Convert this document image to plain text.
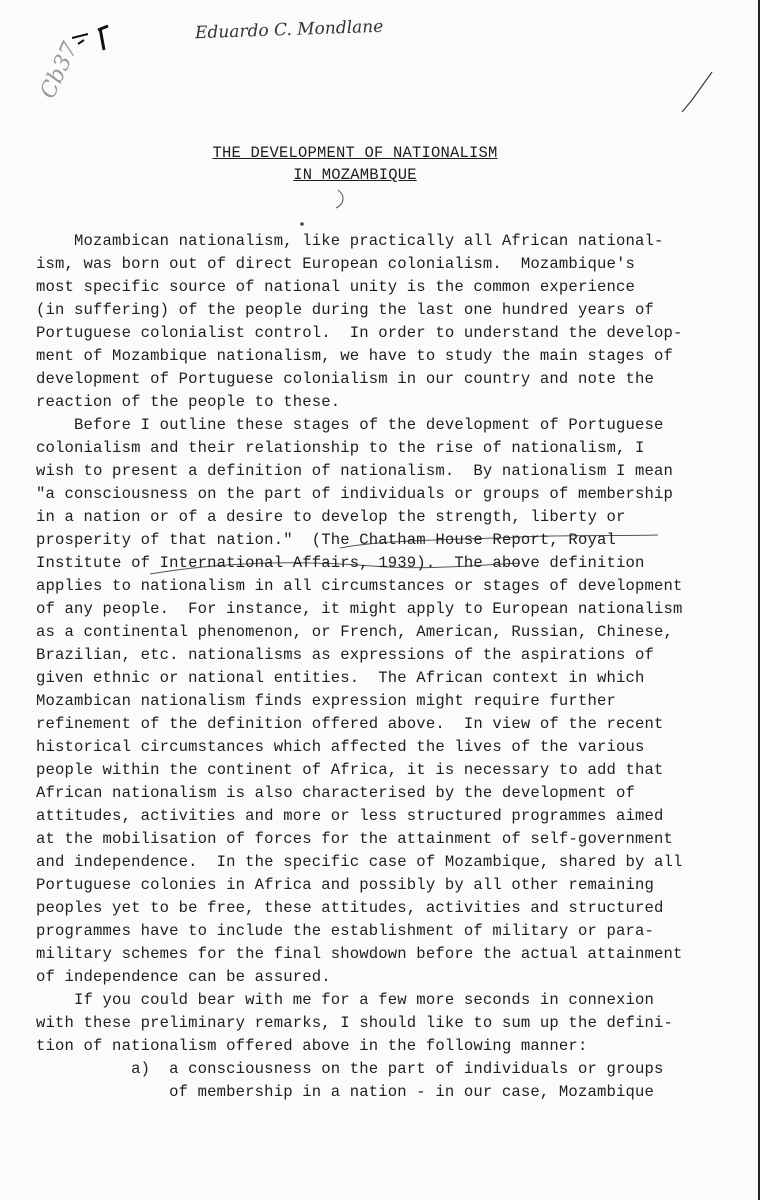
Eduardo C. Mondlane
Cb37
THE DEVELOPMENT OF NATIONALISM
IN MOZAMBIQUE
Mozambican nationalism, like practically all African national-
ism, was born out of direct European colonialism.  Mozambique's
most specific source of national unity is the common experience
(in suffering) of the people during the last one hundred years of
Portuguese colonialist control.  In order to understand the develop-
ment of Mozambique nationalism, we have to study the main stages of
development of Portuguese colonialism in our country and note the
reaction of the people to these.
Before I outline these stages of the development of Portuguese
colonialism and their relationship to the rise of nationalism, I
wish to present a definition of nationalism.  By nationalism I mean
"a consciousness on the part of individuals or groups of membership
in a nation or of a desire to develop the strength, liberty or
prosperity of that nation."  (The Chatham House Report, Royal
Institute of International Affairs, 1939).  The above definition
applies to nationalism in all circumstances or stages of development
of any people.  For instance, it might apply to European nationalism
as a continental phenomenon, or French, American, Russian, Chinese,
Brazilian, etc. nationalisms as expressions of the aspirations of
given ethnic or national entities.  The African context in which
Mozambican nationalism finds expression might require further
refinement of the definition offered above.  In view of the recent
historical circumstances which affected the lives of the various
people within the continent of Africa, it is necessary to add that
African nationalism is also characterised by the development of
attitudes, activities and more or less structured programmes aimed
at the mobilisation of forces for the attainment of self-government
and independence.  In the specific case of Mozambique, shared by all
Portuguese colonies in Africa and possibly by all other remaining
peoples yet to be free, these attitudes, activities and structured
programmes have to include the establishment of military or para-
military schemes for the final showdown before the actual attainment
of independence can be assured.
If you could bear with me for a few more seconds in connexion
with these preliminary remarks, I should like to sum up the defini-
tion of nationalism offered above in the following manner:
a)  a consciousness on the part of individuals or groups
of membership in a nation - in our case, Mozambique
